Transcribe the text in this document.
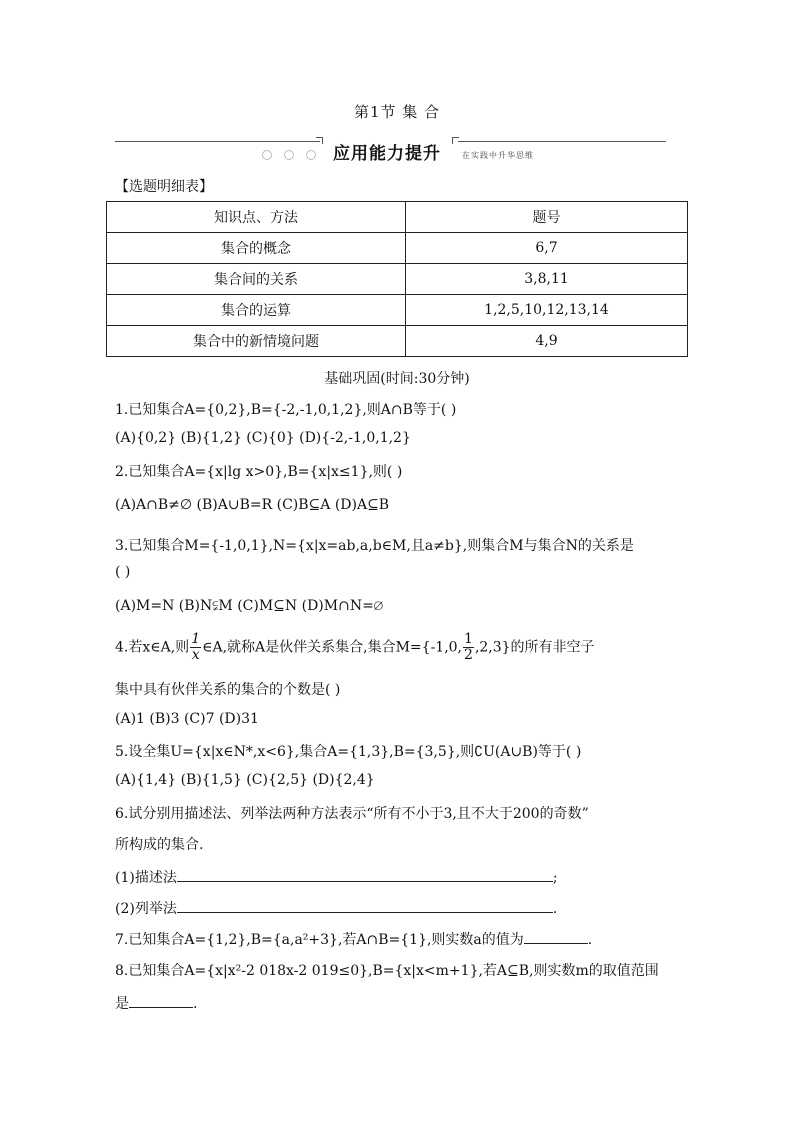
第1节 集 合
应用能力提升	在实践中升华思维
【选题明细表】
知识点、方法	题号
集合的概念	6,7
集合间的关系	3,8,11
集合的运算	1,2,5,10,12,13,14
集合中的新情境问题	4,9
基础巩固(时间:30分钟)
1.已知集合A={0,2},B={-2,-1,0,1,2},则A∩B等于( )
(A){0,2} (B){1,2} (C){0} (D){-2,-1,0,1,2}
2.已知集合A={x|lg x>0},B={x|x≤1},则( )
(A)A∩B≠∅ (B)A∪B=R (C)B⊆A (D)A⊆B
3.已知集合M={-1,0,1},N={x|x=ab,a,b∈M,且a≠b},则集合M与集合N的关系是
( )
(A)M=N (B)N⫋M (C)M⊆N (D)M∩N=∅
4.若x∈A,则 $\frac{1}{x}$ ∈A,就称A是伙伴关系集合,集合M={-1,0, $\frac{1}{2} ,2,3$}的所有非空子
集中具有伙伴关系的集合的个数是( )
(A)1 (B)3 (C)7 (D)31
5.设全集U={x|x∈N*,x<6},集合A={1,3},B={3,5},则∁U(A∪B)等于( )
(A){1,4} (B){1,5} (C){2,5} (D){2,4}

6.试分别用描述法、列举法两种方法表示“所有不小于3,且不大于200的奇数”
所构成的集合.
(1)描述法	;
(2)列举法	.
7.已知集合A={1,2},B={a,a²+3},若A∩B={1},则实数a的值为	.
8.已知集合A={x|x²-2 018x-2 019≤0},B={x|x<m+1},若A⊆B,则实数m的取值范围
是	.
